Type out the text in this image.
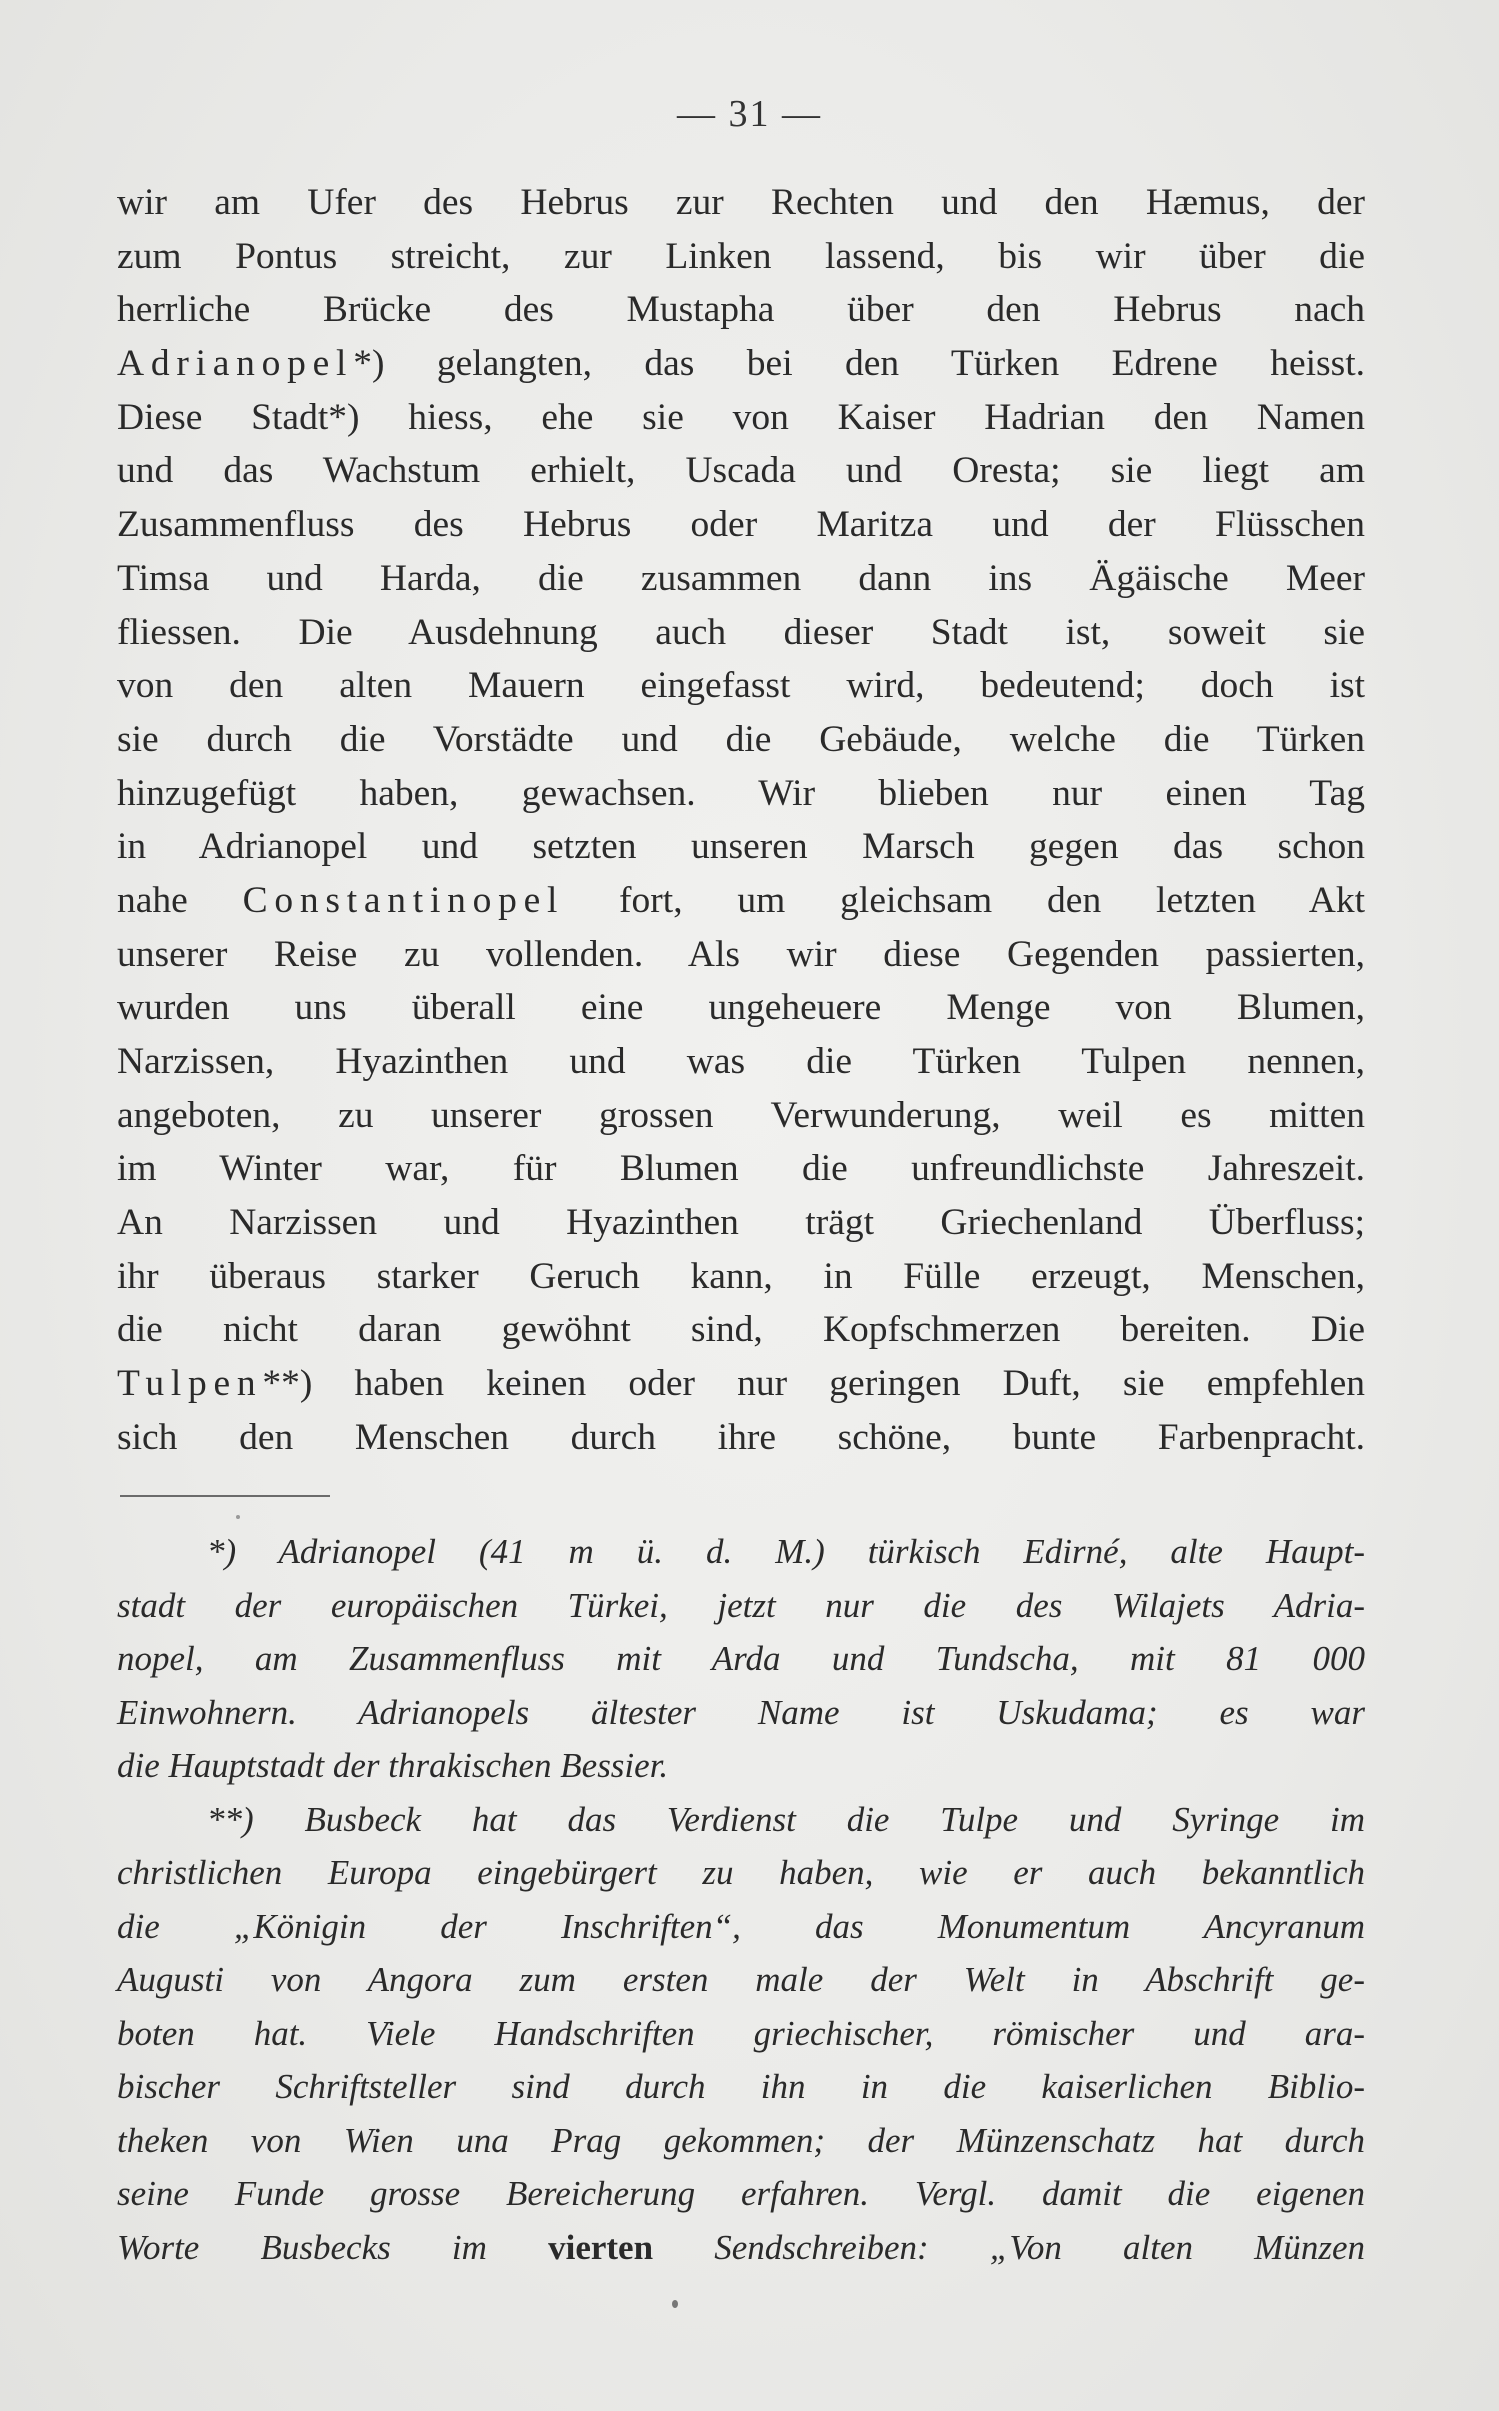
— 31 —
wir am Ufer des Hebrus zur Rechten und den Hæmus, der
zum Pontus streicht, zur Linken lassend, bis wir über die
herrliche Brücke des Mustapha über den Hebrus nach
Adrianopel*) gelangten, das bei den Türken Edrene heisst.
Diese Stadt*) hiess, ehe sie von Kaiser Hadrian den Namen
und das Wachstum erhielt, Uscada und Oresta; sie liegt am
Zusammenfluss des Hebrus oder Maritza und der Flüsschen
Timsa und Harda, die zusammen dann ins Ägäische Meer
fliessen. Die Ausdehnung auch dieser Stadt ist, soweit sie
von den alten Mauern eingefasst wird, bedeutend; doch ist
sie durch die Vorstädte und die Gebäude, welche die Türken
hinzugefügt haben, gewachsen. Wir blieben nur einen Tag
in Adrianopel und setzten unseren Marsch gegen das schon
nahe Constantinopel fort, um gleichsam den letzten Akt
unserer Reise zu vollenden. Als wir diese Gegenden passierten,
wurden uns überall eine ungeheuere Menge von Blumen,
Narzissen, Hyazinthen und was die Türken Tulpen nennen,
angeboten, zu unserer grossen Verwunderung, weil es mitten
im Winter war, für Blumen die unfreundlichste Jahreszeit.
An Narzissen und Hyazinthen trägt Griechenland Überfluss;
ihr überaus starker Geruch kann, in Fülle erzeugt, Menschen,
die nicht daran gewöhnt sind, Kopfschmerzen bereiten. Die
Tulpen**) haben keinen oder nur geringen Duft, sie empfehlen
sich den Menschen durch ihre schöne, bunte Farbenpracht.
*) Adrianopel (41 m ü. d. M.) türkisch Edirné, alte Haupt-
stadt der europäischen Türkei, jetzt nur die des Wilajets Adria-
nopel, am Zusammenfluss mit Arda und Tundscha, mit 81 000
Einwohnern. Adrianopels ältester Name ist Uskudama; es war
die Hauptstadt der thrakischen Bessier.
**) Busbeck hat das Verdienst die Tulpe und Syringe im
christlichen Europa eingebürgert zu haben, wie er auch bekanntlich
die „Königin der Inschriften“, das Monumentum Ancyranum
Augusti von Angora zum ersten male der Welt in Abschrift ge-
boten hat. Viele Handschriften griechischer, römischer und ara-
bischer Schriftsteller sind durch ihn in die kaiserlichen Biblio-
theken von Wien una Prag gekommen; der Münzenschatz hat durch
seine Funde grosse Bereicherung erfahren. Vergl. damit die eigenen
Worte Busbecks im vierten Sendschreiben: „Von alten Münzen
